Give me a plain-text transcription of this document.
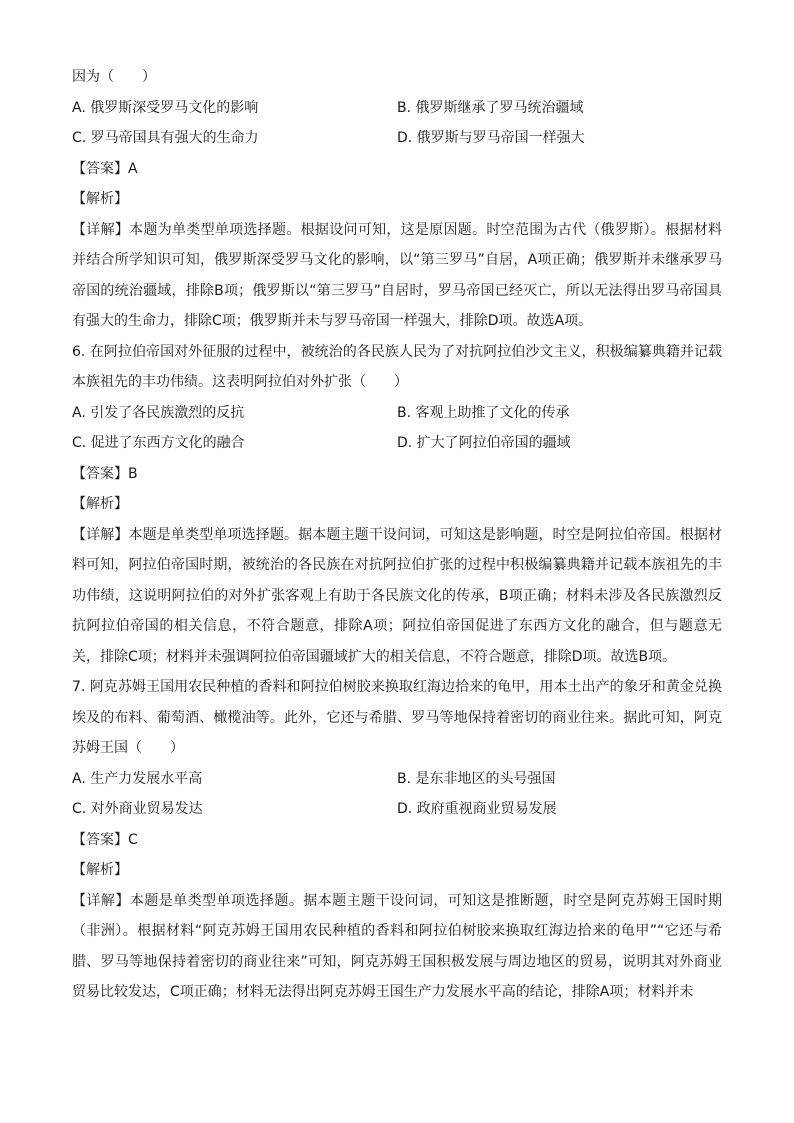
因为（　　）
A. 俄罗斯深受罗马文化的影响	B. 俄罗斯继承了罗马统治疆域
C. 罗马帝国具有强大的生命力	D. 俄罗斯与罗马帝国一样强大
【答案】A
【解析】
【详解】本题为单类型单项选择题。根据设问可知，这是原因题。时空范围为古代（俄罗斯）。根据材料并结合所学知识可知，俄罗斯深受罗马文化的影响，以“第三罗马”自居，A项正确；俄罗斯并未继承罗马帝国的统治疆域，排除B项；俄罗斯以“第三罗马”自居时，罗马帝国已经灭亡，所以无法得出罗马帝国具有强大的生命力，排除C项；俄罗斯并未与罗马帝国一样强大，排除D项。故选A项。
6. 在阿拉伯帝国对外征服的过程中，被统治的各民族人民为了对抗阿拉伯沙文主义，积极编纂典籍并记载本族祖先的丰功伟绩。这表明阿拉伯对外扩张（　　）
A. 引发了各民族激烈的反抗	B. 客观上助推了文化的传承
C. 促进了东西方文化的融合	D. 扩大了阿拉伯帝国的疆域
【答案】B
【解析】
【详解】本题是单类型单项选择题。据本题主题干设问词，可知这是影响题，时空是阿拉伯帝国。根据材料可知，阿拉伯帝国时期，被统治的各民族在对抗阿拉伯扩张的过程中积极编纂典籍并记载本族祖先的丰功伟绩，这说明阿拉伯的对外扩张客观上有助于各民族文化的传承，B项正确；材料未涉及各民族激烈反抗阿拉伯帝国的相关信息，不符合题意，排除A项；阿拉伯帝国促进了东西方文化的融合，但与题意无关，排除C项；材料并未强调阿拉伯帝国疆域扩大的相关信息，不符合题意，排除D项。故选B项。
7. 阿克苏姆王国用农民种植的香料和阿拉伯树胶来换取红海边拾来的龟甲，用本土出产的象牙和黄金兑换埃及的布料、葡萄酒、橄榄油等。此外，它还与希腊、罗马等地保持着密切的商业往来。据此可知，阿克苏姆王国（　　）
A. 生产力发展水平高	B. 是东非地区的头号强国
C. 对外商业贸易发达	D. 政府重视商业贸易发展
【答案】C
【解析】
【详解】本题是单类型单项选择题。据本题主题干设问词，可知这是推断题，时空是阿克苏姆王国时期（非洲）。根据材料“阿克苏姆王国用农民种植的香料和阿拉伯树胶来换取红海边拾来的龟甲”“它还与希腊、罗马等地保持着密切的商业往来”可知，阿克苏姆王国积极发展与周边地区的贸易，说明其对外商业贸易比较发达，C项正确；材料无法得出阿克苏姆王国生产力发展水平高的结论，排除A项；材料并未
